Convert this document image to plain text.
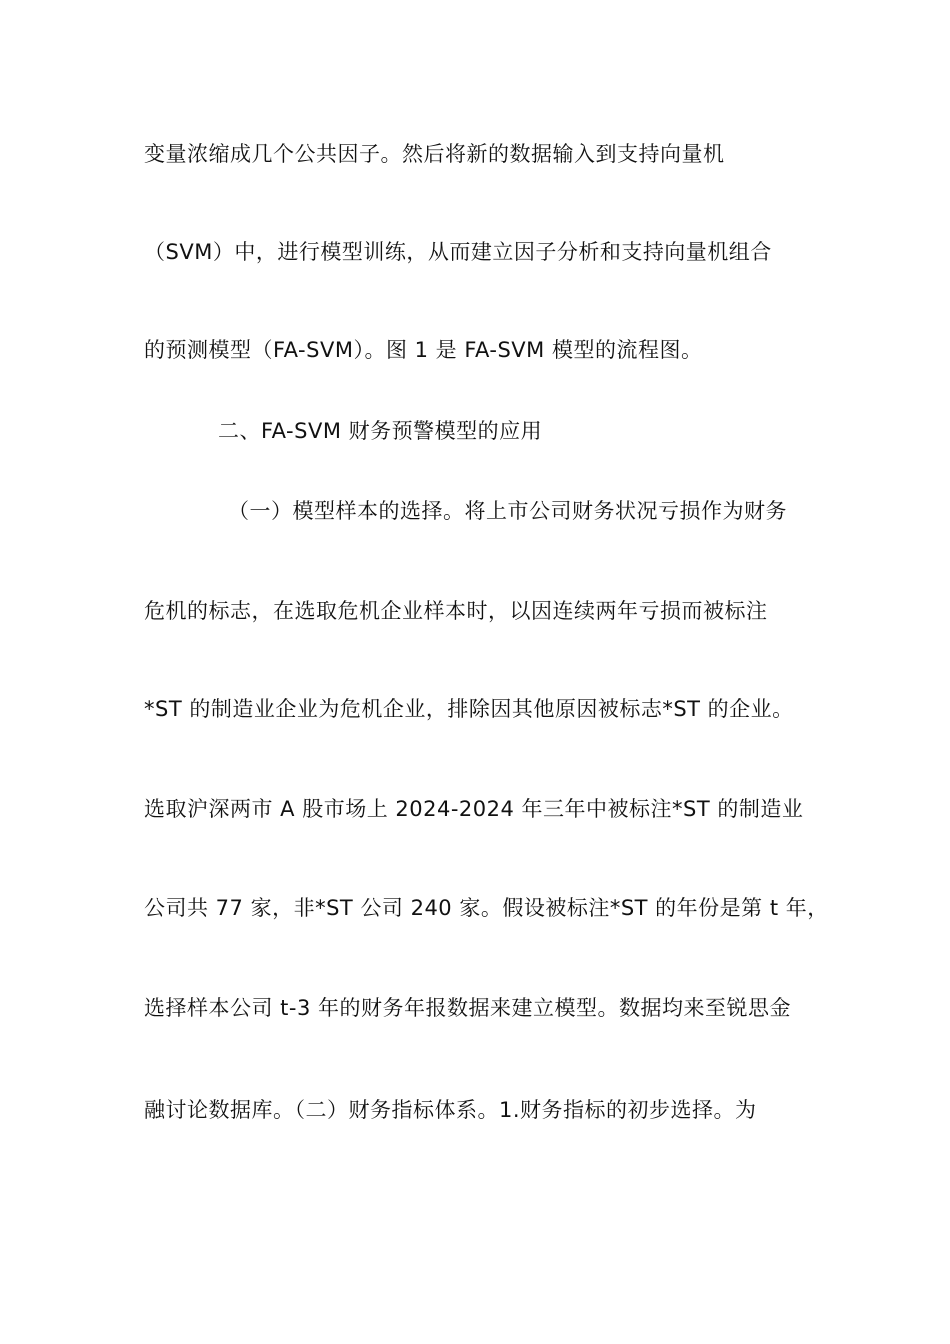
变量浓缩成几个公共因子。然后将新的数据输入到支持向量机
（SVM）中，进行模型训练，从而建立因子分析和支持向量机组合
的预测模型（FA-SVM）。图 1 是 FA-SVM 模型的流程图。
二、FA-SVM 财务预警模型的应用
（一）模型样本的选择。将上市公司财务状况亏损作为财务
危机的标志，在选取危机企业样本时，以因连续两年亏损而被标注
*ST 的制造业企业为危机企业，排除因其他原因被标志*ST 的企业。
选取沪深两市 A 股市场上 2024-2024 年三年中被标注*ST 的制造业
公司共 77 家，非*ST 公司 240 家。假设被标注*ST 的年份是第 t 年，
选择样本公司 t-3 年的财务年报数据来建立模型。数据均来至锐思金
融讨论数据库。（二）财务指标体系。1.财务指标的初步选择。为
